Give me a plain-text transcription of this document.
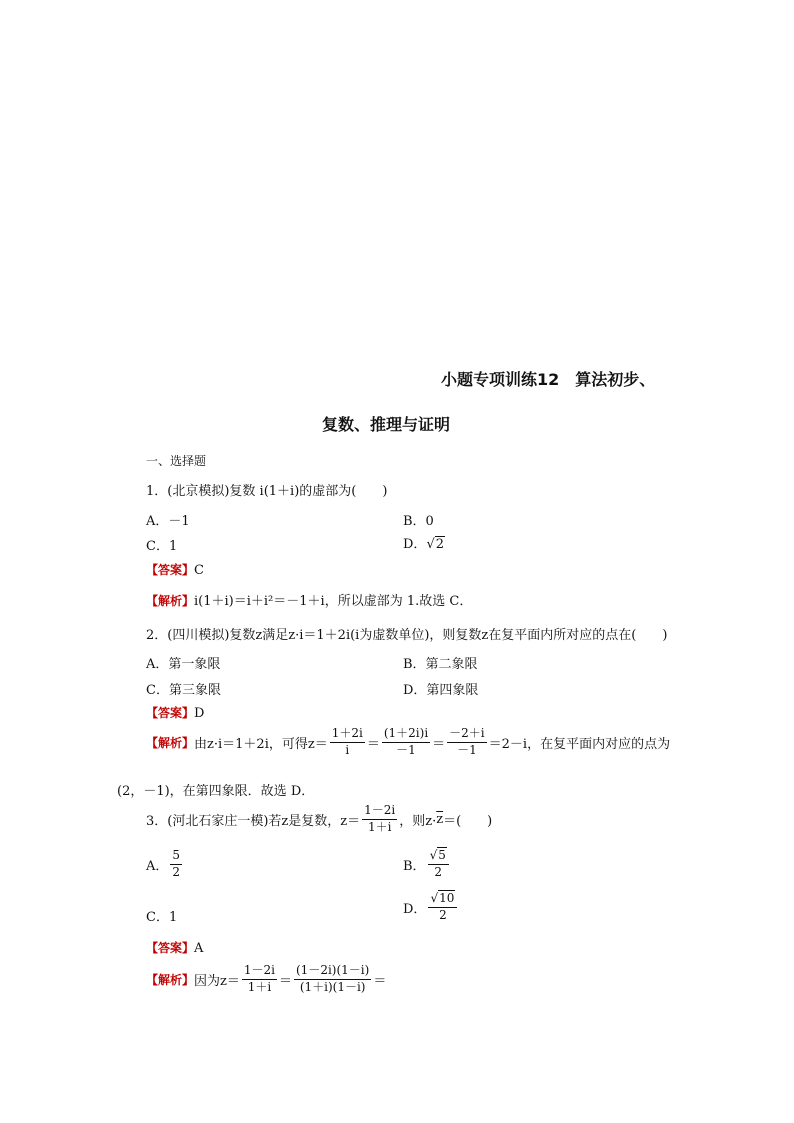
小题专项训练12　算法初步、
复数、推理与证明
一、选择题
1．(北京模拟)复数 i(1＋i)的虚部为(　　)
A．－1	B．0
C．1	D．√2
【答案】C
【解析】i(1＋i)＝i＋i²＝－1＋i，所以虚部为 1.故选 C．
2．(四川模拟)复数z满足z·i＝1＋2i(i为虚数单位)，则复数z在复平面内所对应的点在(　　)
A．第一象限	B．第二象限
C．第三象限	D．第四象限
【答案】D
【解析】 由z·i＝1＋2i，可得$z= \frac{1+2i}{i} = \frac{(1+2i)i}{-1} = \frac{-2+i}{-1} =2-i$，在复平面内对应的点为
(2，－1)，在第四象限．故选 D．
3．(河北石家庄一模)若z是复数，$z= \frac{1-2i}{1+i}$ ，则$z\cdot \overline{z}$ ＝(　　)
A． $\frac{5}{2}$	B． $\frac{√5}{2}$
C．1
D． $\frac{√10}{2}$
【答案】A
【解析】 因为$z= \frac{1-2i}{1+i} = \frac{(1-2i)(1-i)}{(1+i)(1-i)}$ ＝
